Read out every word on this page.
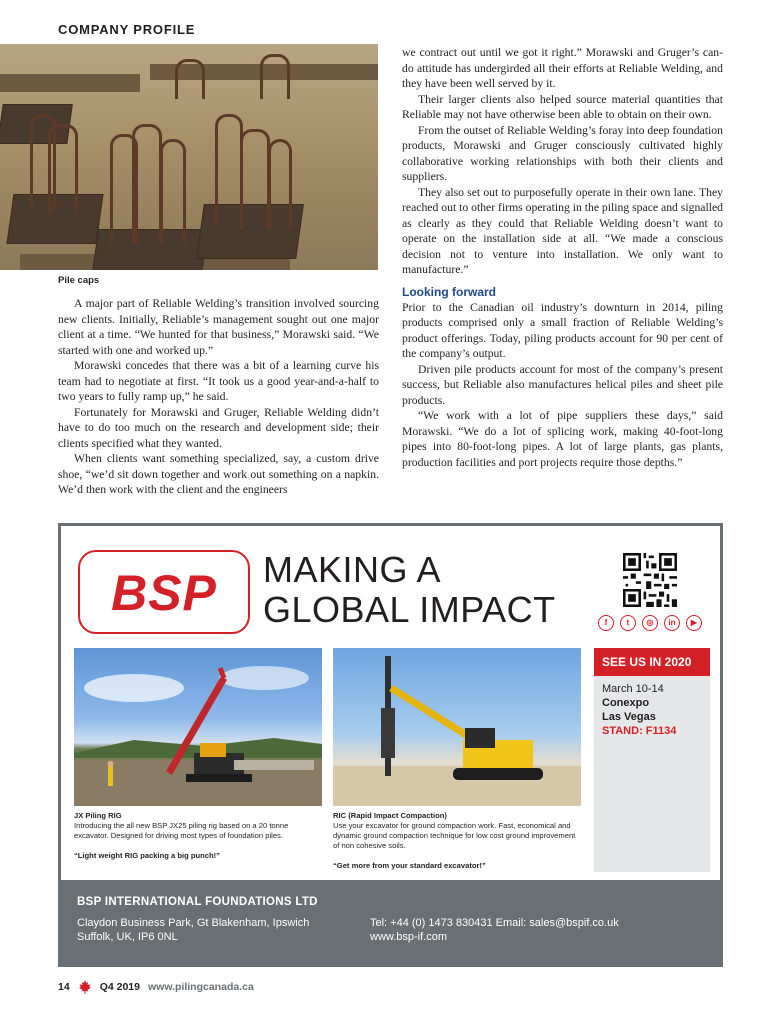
COMPANY PROFILE
Pile caps

A major part of Reliable Welding’s transition involved sourcing new clients. Initially, Reliable’s management sought out one major client at a time. “We hunted for that business,” Morawski said. “We started with one and worked up.”

Morawski concedes that there was a bit of a learning curve his team had to negotiate at first. “It took us a good year-and-a-half to two years to fully ramp up,” he said.

Fortunately for Morawski and Gruger, Reliable Welding didn’t have to do too much on the research and development side; their clients specified what they wanted.

When clients want something specialized, say, a custom drive shoe, “we’d sit down together and work out something on a napkin. We’d then work with the client and the engineers

we contract out until we got it right.” Morawski and Gruger’s can-do attitude has undergirded all their efforts at Reliable Welding, and they have been well served by it.

Their larger clients also helped source material quantities that Reliable may not have otherwise been able to obtain on their own.

From the outset of Reliable Welding’s foray into deep foundation products, Morawski and Gruger consciously cultivated highly collaborative working relationships with both their clients and suppliers.

They also set out to purposefully operate in their own lane. They reached out to other firms operating in the piling space and signalled as clearly as they could that Reliable Welding doesn’t want to operate on the installation side at all. “We made a conscious decision not to venture into installation. We only want to manufacture.”

Looking forward

Prior to the Canadian oil industry’s downturn in 2014, piling products comprised only a small fraction of Reliable Welding’s product offerings. Today, piling products account for 90 per cent of the company’s output.

Driven pile products account for most of the company’s present success, but Reliable also manufactures helical piles and sheet pile products.

“We work with a lot of pipe suppliers these days,” said Morawski. “We do a lot of splicing work, making 40-foot-long pipes into 80-foot-long pipes. A lot of large plants, gas plants, production facilities and port projects require those depths.”

BSP	MAKING A
GLOBAL IMPACT	f	t	◎	in	▶
JX Piling RIG
Introducing the all new BSP JX25 piling rig based on a 20 tonne excavator. Designed for driving most types of foundation piles.
“Light weight RIG packing a big punch!”
RIC (Rapid Impact Compaction)
Use your excavator for ground compaction work. Fast, economical and dynamic ground compaction technique for low cost ground improvement of non cohesive soils.
“Get more from your standard excavator!”
SEE US IN 2020
March 10-14
Conexpo
Las Vegas
STAND: F1134
BSP INTERNATIONAL FOUNDATIONS LTD
Claydon Business Park, Gt Blakenham, Ipswich
Suffolk, UK, IP6 0NL
Tel: +44 (0) 1473 830431 Email: sales@bspif.co.uk
www.bsp-if.com
14	Q4 2019 www.pilingcanada.ca
